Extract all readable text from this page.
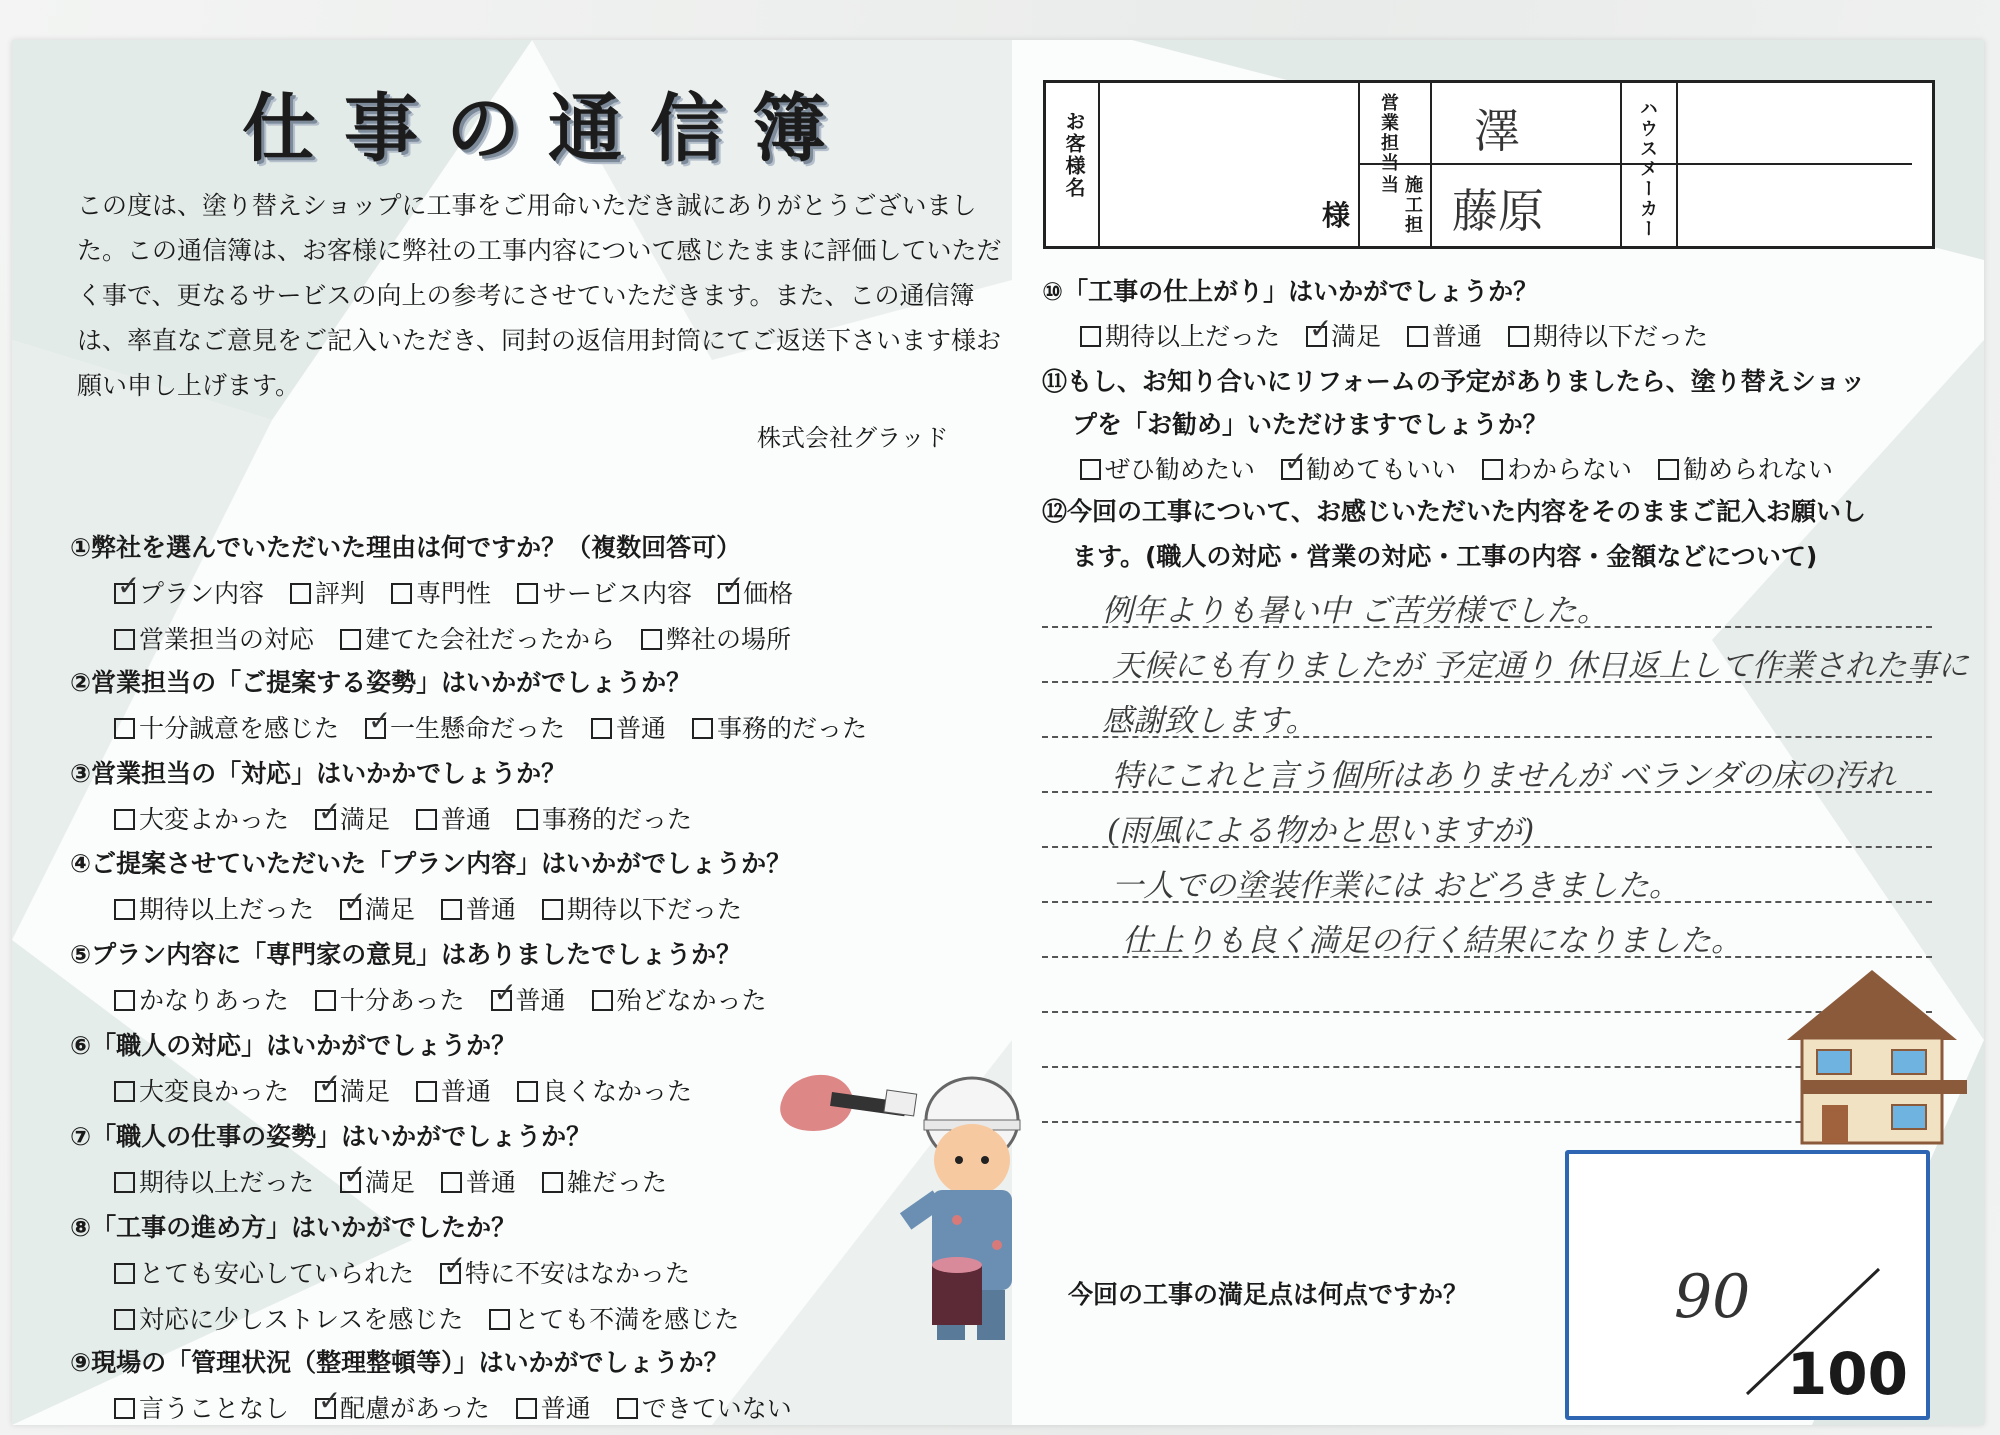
仕事の通信簿
この度は、塗り替えショップに工事をご用命いただき誠にありがとうございました。この通信簿は、お客様に弊社の工事内容について感じたままに評価していただく事で、更なるサービスの向上の参考にさせていただきます。また、この通信簿は、率直なご意見をご記入いただき、同封の返信用封筒にてご返送下さいます様お願い申し上げます。
株式会社グラッド
①弊社を選んでいただいた理由は何ですか？（複数回答可）
✓プラン内容 評判 専門性 サービス内容 ✓ 価格
営業担当の対応 建てた会社だったから 弊社の場所
②営業担当の「ご提案する姿勢」はいかがでしょうか？
十分誠意を感じた ✓ 一生懸命だった 普通 事務的だった
③営業担当の「対応」はいかかでしょうか？
大変よかった ✓ 満足 普通 事務的だった
④ご提案させていただいた「プラン内容」はいかがでしょうか？
期待以上だった ✓ 満足 普通 期待以下だった
⑤プラン内容に「専門家の意見」はありましたでしょうか？
かなりあった 十分あった ✓ 普通 殆どなかった
⑥「職人の対応」はいかがでしょうか？
大変良かった ✓ 満足 普通 良くなかった
⑦「職人の仕事の姿勢」はいかがでしょうか？
期待以上だった ✓ 満足 普通 雑だった
⑧「工事の進め方」はいかがでしたか？
とても安心していられた ✓ 特に不安はなかった
対応に少しストレスを感じた とても不満を感じた
⑨現場の「管理状況（整理整頓等）」はいかがでしょうか？
言うことなし ✓ 配慮があった 普通 できていない
お客様名
様
営業担当
施工担当
澤
藤原	ハウスメーカー
⑩「工事の仕上がり」はいかがでしょうか？
期待以上だった ✓ 満足 普通 期待以下だった
⑪もし、お知り合いにリフォームの予定がありましたら、塗り替えショッ
プを「お勧め」いただけますでしょうか？
ぜひ勧めたい ✓ 勧めてもいい わからない 勧められない
⑫今回の工事について、お感じいただいた内容をそのままご記入お願いし
ます。(職人の対応・営業の対応・工事の内容・金額などについて)
例年よりも暑い中 ご苦労様でした。
天候にも有りましたが 予定通り 休日返上して作業された事に
感謝致します。
特にこれと言う個所はありませんが ベランダの床の汚れ
(雨風による物かと思いますが)
一人での塗装作業には おどろきました。
仕上りも良く満足の行く結果になりました。
今回の工事の満足点は何点ですか？	90
100
